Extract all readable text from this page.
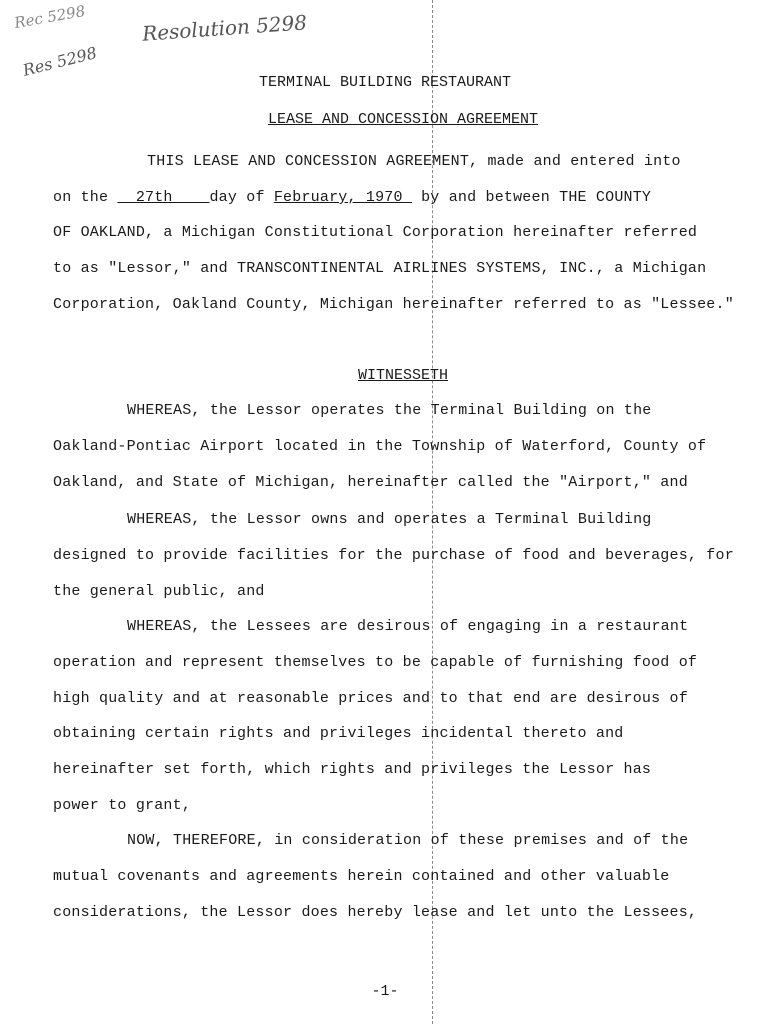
Rec 5298
Res 5298
Resolution 5298
TERMINAL BUILDING RESTAURANT

LEASE AND CONCESSION AGREEMENT

THIS LEASE AND CONCESSION AGREEMENT, made and entered into
on the   27th    day of February, 1970  by and between THE COUNTY
OF OAKLAND, a Michigan Constitutional Corporation hereinafter referred
to as "Lessor," and TRANSCONTINENTAL AIRLINES SYSTEMS, INC., a Michigan
Corporation, Oakland County, Michigan hereinafter referred to as "Lessee."

WITNESSETH

WHEREAS, the Lessor operates the Terminal Building on the
Oakland-Pontiac Airport located in the Township of Waterford, County of
Oakland, and State of Michigan, hereinafter called the "Airport," and
WHEREAS, the Lessor owns and operates a Terminal Building
designed to provide facilities for the purchase of food and beverages, for
the general public, and
WHEREAS, the Lessees are desirous of engaging in a restaurant
operation and represent themselves to be capable of furnishing food of
high quality and at reasonable prices and to that end are desirous of
obtaining certain rights and privileges incidental thereto and
hereinafter set forth, which rights and privileges the Lessor has
power to grant,
NOW, THEREFORE, in consideration of these premises and of the
mutual covenants and agreements herein contained and other valuable
considerations, the Lessor does hereby lease and let unto the Lessees,
-1-
